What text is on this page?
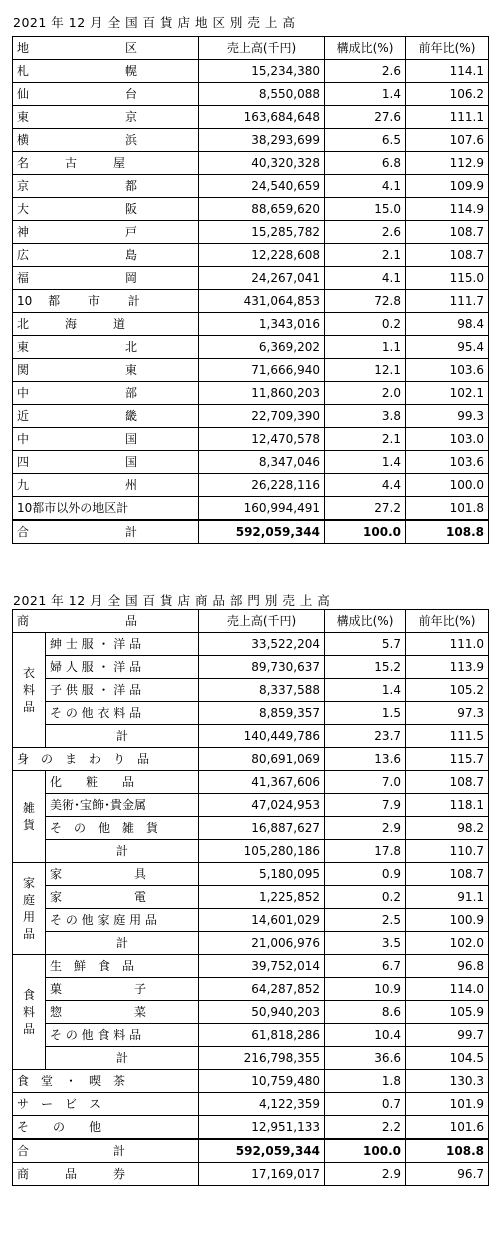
2021 年 12 月 全 国 百 貨 店 地 区 別 売 上 高
地　　　　　　　　区	売上高(千円)	構成比(%)	前年比(%)
札　　　　　　　　幌	15,234,380	2.6	114.1
仙　　　　　　　　台	8,550,088	1.4	106.2
東　　　　　　　　京	163,684,648	27.6	111.1
横　　　　　　　　浜	38,293,699	6.5	107.6
名　　　古　　　屋	40,320,328	6.8	112.9
京　　　　　　　　都	24,540,659	4.1	109.9
大　　　　　　　　阪	88,659,620	15.0	114.9
神　　　　　　　　戸	15,285,782	2.6	108.7
広　　　　　　　　島	12,228,608	2.1	108.7
福　　　　　　　　岡	24,267,041	4.1	115.0
10　 都　　 市　　 計	431,064,853	72.8	111.7
北　　　海　　　道	1,343,016	0.2	98.4
東　　　　　　　　北	6,369,202	1.1	95.4
関　　　　　　　　東	71,666,940	12.1	103.6
中　　　　　　　　部	11,860,203	2.0	102.1
近　　　　　　　　畿	22,709,390	3.8	99.3
中　　　　　　　　国	12,470,578	2.1	103.0
四　　　　　　　　国	8,347,046	1.4	103.6
九　　　　　　　　州	26,228,116	4.4	100.0
10都市以外の地区計	160,994,491	27.2	101.8
合　　　　　　　　計	592,059,344	100.0	108.8
2021 年 12 月 全 国 百 貨 店 商 品 部 門 別 売 上 高
商　　　　　　　　品		売上高(千円)	構成比(%)	前年比(%)
衣料品	紳 士 服 ・ 洋 品	33,522,204	5.7	111.0
	婦 人 服 ・ 洋 品	89,730,637	15.2	113.9
	子 供 服 ・ 洋 品	8,337,588	1.4	105.2
	そ の 他 衣 料 品	8,859,357	1.5	97.3
	計	140,449,786	23.7	111.5
身　の　ま　わ　り　品		80,691,069	13.6	115.7
雑貨	化　　粧　　品	41,367,606	7.0	108.7
	美術･宝飾･貴金属	47,024,953	7.9	118.1
	そ　の　他　雑　貨	16,887,627	2.9	98.2
	計	105,280,186	17.8	110.7
家庭用品	家　　　　　　具	5,180,095	0.9	108.7
	家　　　　　　電	1,225,852	0.2	91.1
	そ の 他 家 庭 用 品	14,601,029	2.5	100.9
	計	21,006,976	3.5	102.0
食料品	生　鮮　食　品	39,752,014	6.7	96.8
	菓　　　　　　子	64,287,852	10.9	114.0
	惣　　　　　　菜	50,940,203	8.6	105.9
	そ の 他 食 料 品	61,818,286	10.4	99.7
	計	216,798,355	36.6	104.5
食　堂　・　喫　茶		10,759,480	1.8	130.3
サ　ー　ビ　ス		4,122,359	0.7	101.9
そ　　の　　他		12,951,133	2.2	101.6
合　　　　　　　計		592,059,344	100.0	108.8
商　　　品　　　券		17,169,017	2.9	96.7
